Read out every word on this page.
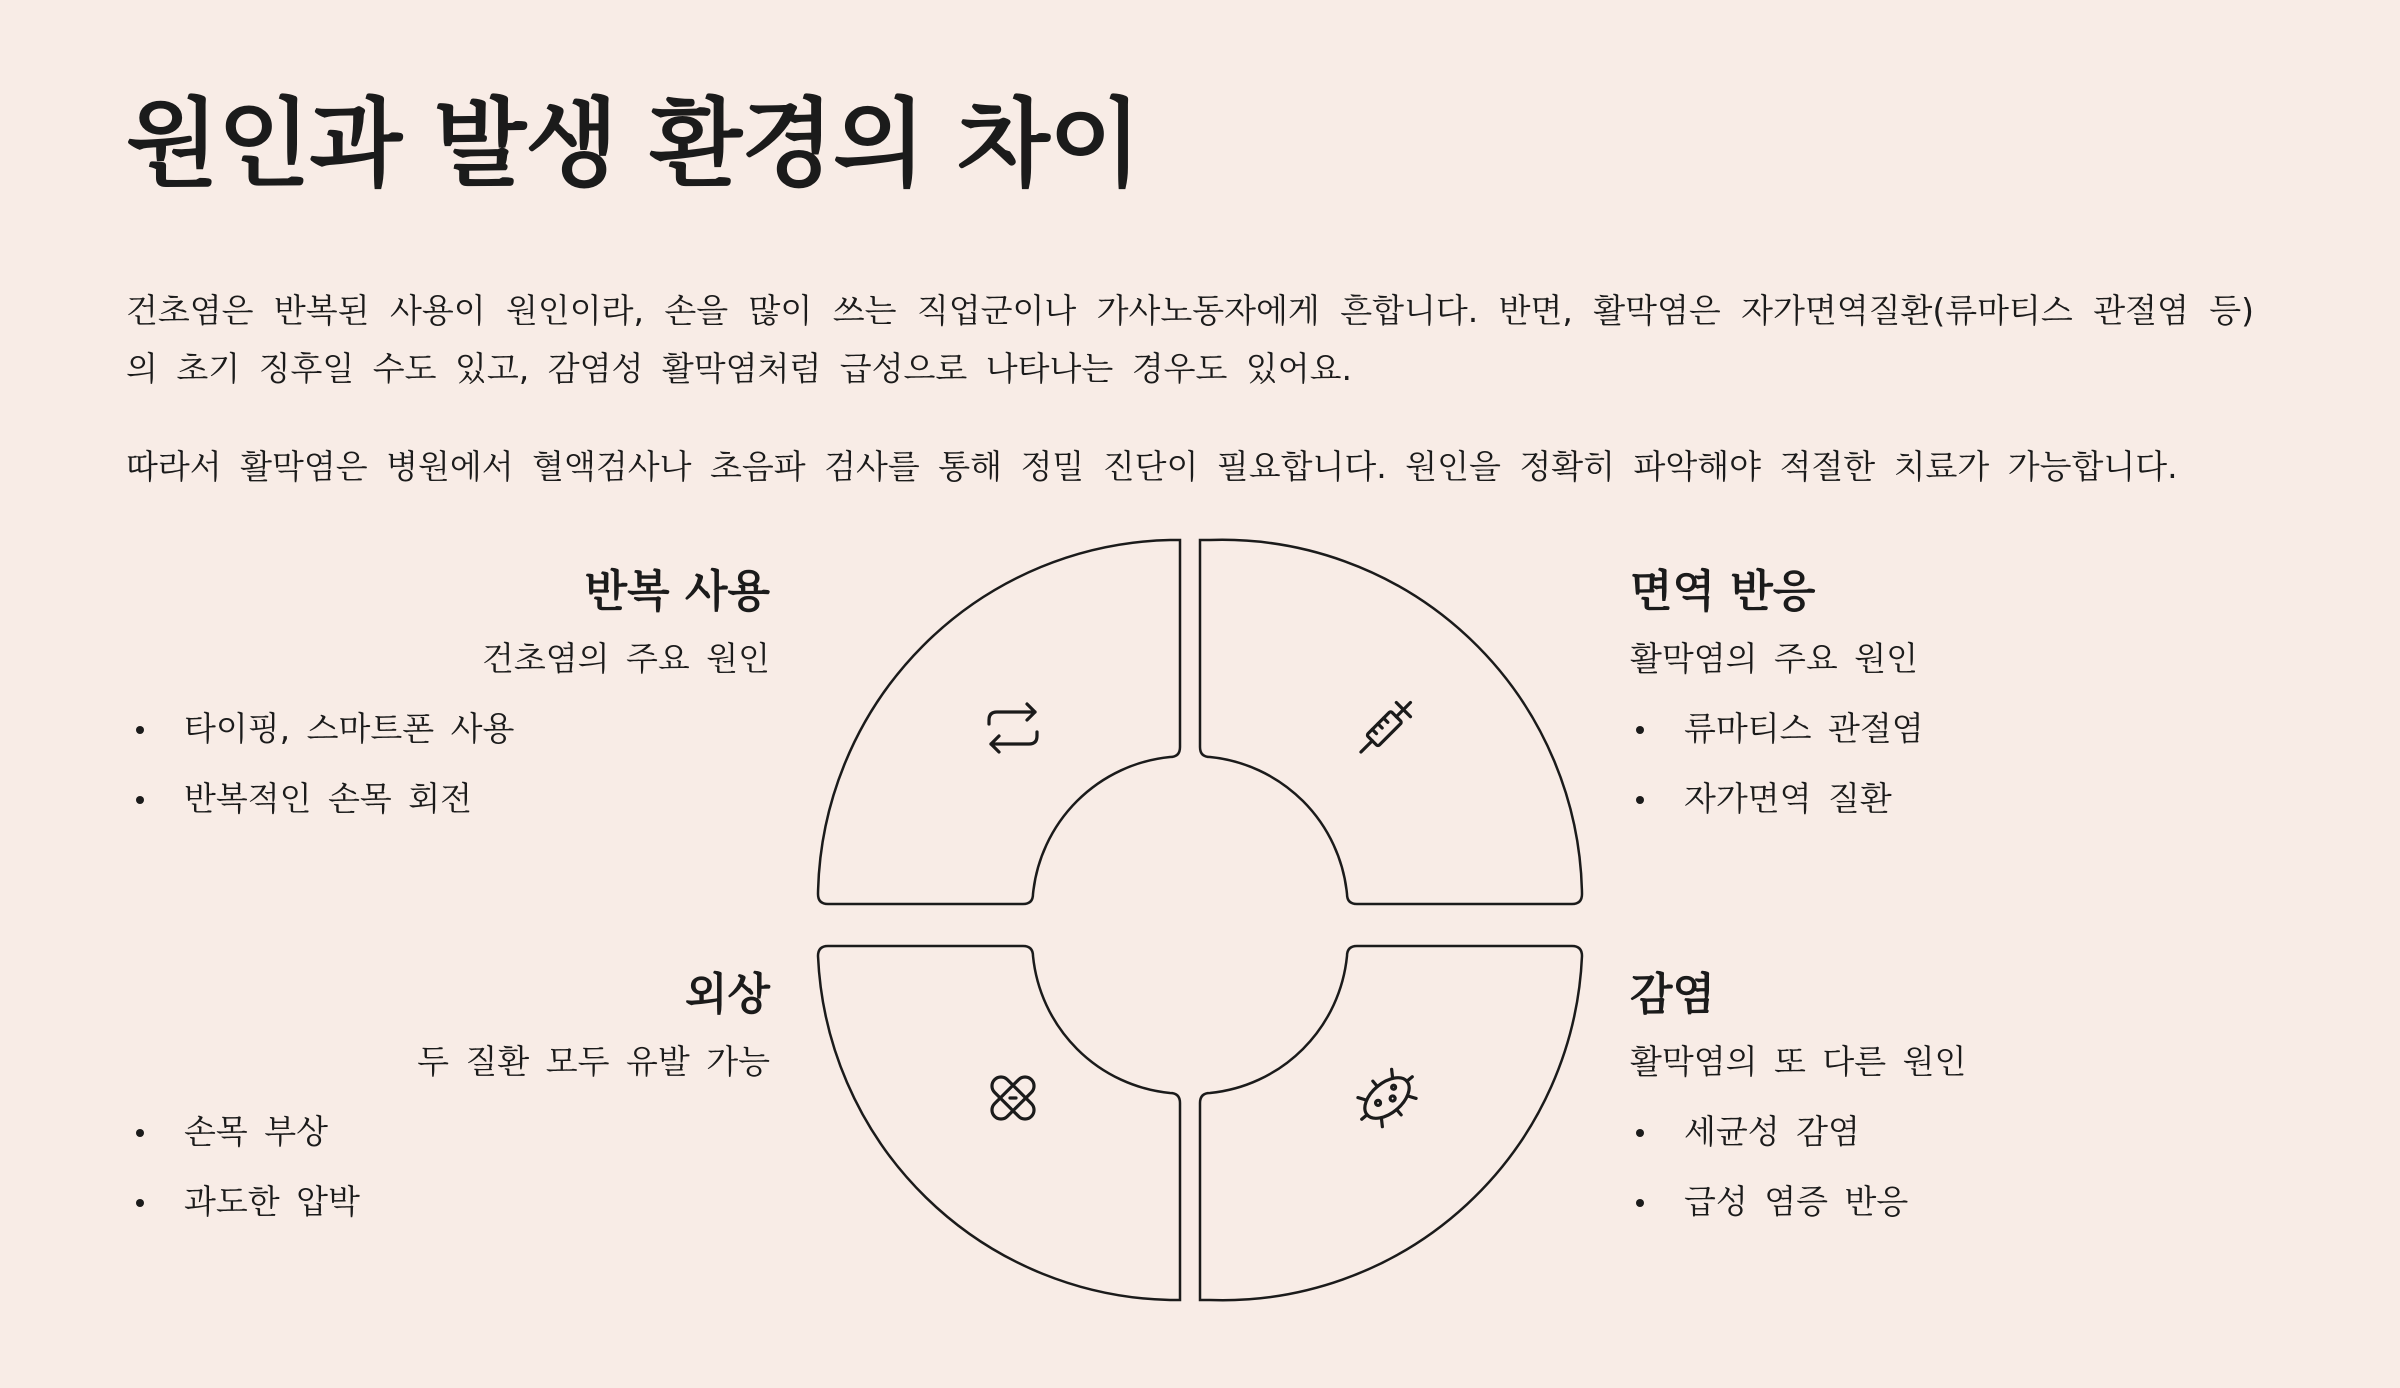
원인과 발생 환경의 차이

건초염은 반복된 사용이 원인이라, 손을 많이 쓰는 직업군이나 가사노동자에게 흔합니다. 반면, 활막염은 자가면역질환(류마티스 관절염 등)의 초기 징후일 수도 있고, 감염성 활막염처럼 급성으로 나타나는 경우도 있어요.

따라서 활막염은 병원에서 혈액검사나 초음파 검사를 통해 정밀 진단이 필요합니다. 원인을 정확히 파악해야 적절한 치료가 가능합니다.

반복 사용

건초염의 주요 원인

타이핑, 스마트폰 사용
반복적인 손목 회전
면역 반응

활막염의 주요 원인

류마티스 관절염
자가면역 질환
외상

두 질환 모두 유발 가능

손목 부상
과도한 압박
감염

활막염의 또 다른 원인

세균성 감염
급성 염증 반응
